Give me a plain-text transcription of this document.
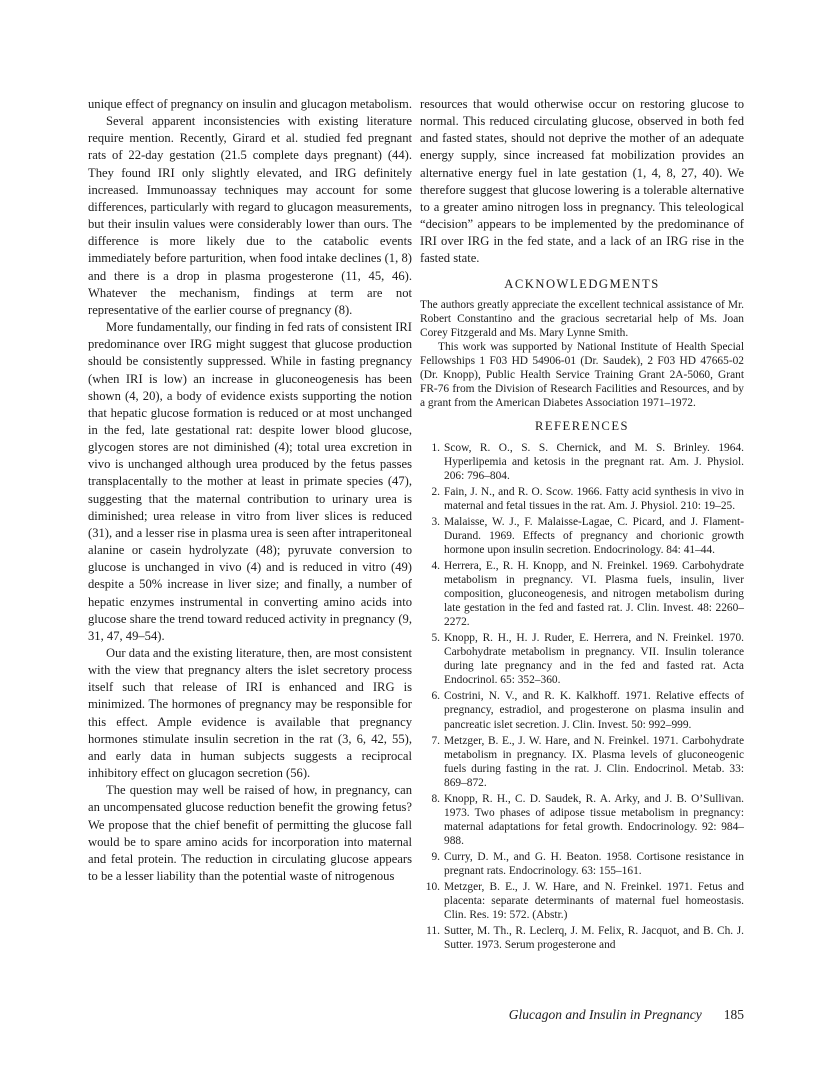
unique effect of pregnancy on insulin and glucagon metabolism.

Several apparent inconsistencies with existing literature require mention. Recently, Girard et al. studied fed pregnant rats of 22-day gestation (21.5 complete days pregnant) (44). They found IRI only slightly elevated, and IRG definitely increased. Immunoassay techniques may account for some differences, particularly with regard to glucagon measurements, but their insulin values were considerably lower than ours. The difference is more likely due to the catabolic events immediately before parturition, when food intake declines (1, 8) and there is a drop in plasma progesterone (11, 45, 46). Whatever the mechanism, findings at term are not representative of the earlier course of pregnancy (8).

More fundamentally, our finding in fed rats of consistent IRI predominance over IRG might suggest that glucose production should be consistently suppressed. While in fasting pregnancy (when IRI is low) an increase in gluconeogenesis has been shown (4, 20), a body of evidence exists supporting the notion that hepatic glucose formation is reduced or at most unchanged in the fed, late gestational rat: despite lower blood glucose, glycogen stores are not diminished (4); total urea excretion in vivo is unchanged although urea produced by the fetus passes transplacentally to the mother at least in primate species (47), suggesting that the maternal contribution to urinary urea is diminished; urea release in vitro from liver slices is reduced (31), and a lesser rise in plasma urea is seen after intraperitoneal alanine or casein hydrolyzate (48); pyruvate conversion to glucose is unchanged in vivo (4) and is reduced in vitro (49) despite a 50% increase in liver size; and finally, a number of hepatic enzymes instrumental in converting amino acids into glucose share the trend toward reduced activity in pregnancy (9, 31, 47, 49–54).

Our data and the existing literature, then, are most consistent with the view that pregnancy alters the islet secretory process itself such that release of IRI is enhanced and IRG is minimized. The hormones of pregnancy may be responsible for this effect. Ample evidence is available that pregnancy hormones stimulate insulin secretion in the rat (3, 6, 42, 55), and early data in human subjects suggests a reciprocal inhibitory effect on glucagon secretion (56).

The question may well be raised of how, in pregnancy, can an uncompensated glucose reduction benefit the growing fetus? We propose that the chief benefit of permitting the glucose fall would be to spare amino acids for incorporation into maternal and fetal protein. The reduction in circulating glucose appears to be a lesser liability than the potential waste of nitrogenous

resources that would otherwise occur on restoring glucose to normal. This reduced circulating glucose, observed in both fed and fasted states, should not deprive the mother of an adequate energy supply, since increased fat mobilization provides an alternative energy fuel in late gestation (1, 4, 8, 27, 40). We therefore suggest that glucose lowering is a tolerable alternative to a greater amino nitrogen loss in pregnancy. This teleological “decision” appears to be implemented by the predominance of IRI over IRG in the fed state, and a lack of an IRG rise in the fasted state.

ACKNOWLEDGMENTS

The authors greatly appreciate the excellent technical assistance of Mr. Robert Constantino and the gracious secretarial help of Ms. Joan Corey Fitzgerald and Ms. Mary Lynne Smith.

This work was supported by National Institute of Health Special Fellowships 1 F03 HD 54906-01 (Dr. Saudek), 2 F03 HD 47665-02 (Dr. Knopp), Public Health Service Training Grant 2A-5060, Grant FR-76 from the Division of Research Facilities and Resources, and by a grant from the American Diabetes Association 1971–1972.

REFERENCES
1. Scow, R. O., S. S. Chernick, and M. S. Brinley. 1964. Hyperlipemia and ketosis in the pregnant rat. Am. J. Physiol. 206: 796–804.
2. Fain, J. N., and R. O. Scow. 1966. Fatty acid synthesis in vivo in maternal and fetal tissues in the rat. Am. J. Physiol. 210: 19–25.
3. Malaisse, W. J., F. Malaisse-Lagae, C. Picard, and J. Flament-Durand. 1969. Effects of pregnancy and chorionic growth hormone upon insulin secretion. Endocrinology. 84: 41–44.
4. Herrera, E., R. H. Knopp, and N. Freinkel. 1969. Carbohydrate metabolism in pregnancy. VI. Plasma fuels, insulin, liver composition, gluconeogenesis, and nitrogen metabolism during late gestation in the fed and fasted rat. J. Clin. Invest. 48: 2260–2272.
5. Knopp, R. H., H. J. Ruder, E. Herrera, and N. Freinkel. 1970. Carbohydrate metabolism in pregnancy. VII. Insulin tolerance during late pregnancy and in the fed and fasted rat. Acta Endocrinol. 65: 352–360.
6. Costrini, N. V., and R. K. Kalkhoff. 1971. Relative effects of pregnancy, estradiol, and progesterone on plasma insulin and pancreatic islet secretion. J. Clin. Invest. 50: 992–999.
7. Metzger, B. E., J. W. Hare, and N. Freinkel. 1971. Carbohydrate metabolism in pregnancy. IX. Plasma levels of gluconeogenic fuels during fasting in the rat. J. Clin. Endocrinol. Metab. 33: 869–872.
8. Knopp, R. H., C. D. Saudek, R. A. Arky, and J. B. O’Sullivan. 1973. Two phases of adipose tissue metabolism in pregnancy: maternal adaptations for fetal growth. Endocrinology. 92: 984–988.
9. Curry, D. M., and G. H. Beaton. 1958. Cortisone resistance in pregnant rats. Endocrinology. 63: 155–161.
10. Metzger, B. E., J. W. Hare, and N. Freinkel. 1971. Fetus and placenta: separate determinants of maternal fuel homeostasis. Clin. Res. 19: 572. (Abstr.)
11. Sutter, M. Th., R. Leclerq, J. M. Felix, R. Jacquot, and B. Ch. J. Sutter. 1973. Serum progesterone and
Glucagon and Insulin in Pregnancy 185
